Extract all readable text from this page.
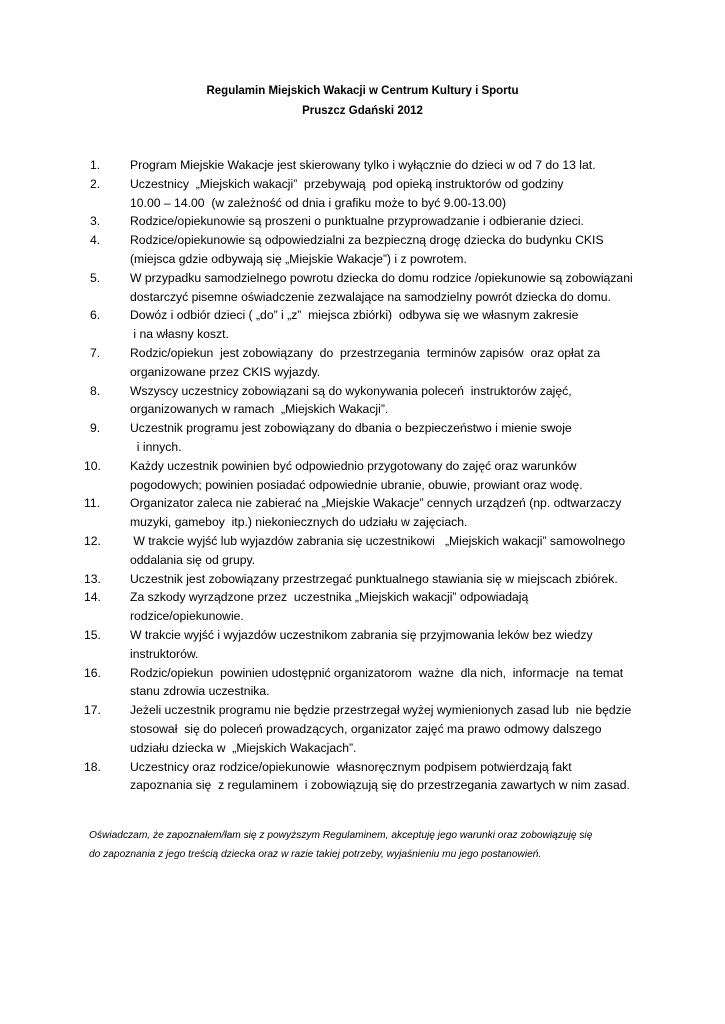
Regulamin Miejskich Wakacji w Centrum Kultury i Sportu
Pruszcz Gdański 2012
1.	Program Miejskie Wakacje jest skierowany tylko i wyłącznie do dzieci w od 7 do 13 lat.
2.	Uczestnicy  „Miejskich wakacji”  przebywają  pod opieką instruktorów od godziny
10.00 – 14.00  (w zależność od dnia i grafiku może to być 9.00-13.00)
3.	Rodzice/opiekunowie są proszeni o punktualne przyprowadzanie i odbieranie dzieci.
4.	Rodzice/opiekunowie są odpowiedzialni za bezpieczną drogę dziecka do budynku CKIS
(miejsca gdzie odbywają się „Miejskie Wakacje”) i z powrotem.
5.	W przypadku samodzielnego powrotu dziecka do domu rodzice /opiekunowie są zobowiązani
dostarczyć pisemne oświadczenie zezwalające na samodzielny powrót dziecka do domu.
6.	Dowóz i odbiór dzieci ( „do” i „z”  miejsca zbiórki)  odbywa się we własnym zakresie
i na własny koszt.
7.	Rodzic/opiekun  jest zobowiązany  do  przestrzegania  terminów zapisów  oraz opłat za
organizowane przez CKIS wyjazdy.
8.	Wszyscy uczestnicy zobowiązani są do wykonywania poleceń  instruktorów zajęć,
organizowanych w ramach  „Miejskich Wakacji”.
9.	Uczestnik programu jest zobowiązany do dbania o bezpieczeństwo i mienie swoje
i innych.
10.	Każdy uczestnik powinien być odpowiednio przygotowany do zajęć oraz warunków
pogodowych; powinien posiadać odpowiednie ubranie, obuwie, prowiant oraz wodę.
11.	Organizator zaleca nie zabierać na „Miejskie Wakacje” cennych urządzeń (np. odtwarzaczy
muzyki, gameboy  itp.) niekoniecznych do udziału w zajęciach.
12.	W trakcie wyjść lub wyjazdów zabrania się uczestnikowi   „Miejskich wakacji” samowolnego
oddalania się od grupy.
13.	Uczestnik jest zobowiązany przestrzegać punktualnego stawiania się w miejscach zbiórek.
14.	Za szkody wyrządzone przez  uczestnika „Miejskich wakacji” odpowiadają
rodzice/opiekunowie.
15.	W trakcie wyjść i wyjazdów uczestnikom zabrania się przyjmowania leków bez wiedzy
instruktorów.
16.	Rodzic/opiekun  powinien udostępnić organizatorom  ważne  dla nich,  informacje  na temat
stanu zdrowia uczestnika.
17.	Jeżeli uczestnik programu nie będzie przestrzegał wyżej wymienionych zasad lub  nie będzie
stosował  się do poleceń prowadzących, organizator zajęć ma prawo odmowy dalszego
udziału dziecka w  „Miejskich Wakacjach”.
18.	Uczestnicy oraz rodzice/opiekunowie  własnoręcznym podpisem potwierdzają fakt
zapoznania się  z regulaminem  i zobowiązują się do przestrzegania zawartych w nim zasad.
Oświadczam, że zapoznałem/łam się z powyższym Regulaminem, akceptuję jego warunki oraz zobowiązuję się
do zapoznania z jego treścią dziecka oraz w razie takiej potrzeby, wyjaśnieniu mu jego postanowień.
